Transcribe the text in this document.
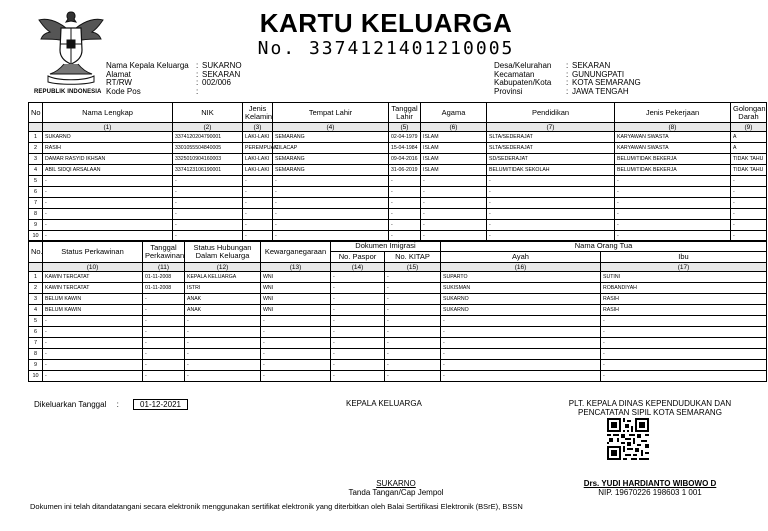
REPUBLIK INDONESIA
KARTU KELUARGA
No. 3374121401210005
Nama Kepala Keluarga : SUKARNO
Alamat	: SEKARAN
RT/RW	: 002/006
Kode Pos	:
Desa/Kelurahan	: SEKARAN
Kecamatan	: GUNUNGPATI
Kabupaten/Kota	: KOTA SEMARANG
Provinsi	: JAWA TENGAH
No	Nama Lengkap	NIK	Jenis Kelamin	Tempat Lahir	Tanggal Lahir	Agama	Pendidikan	Jenis Pekerjaan	Golongan Darah
	(1)	(2)	(3)	(4)	(5)	(6)	(7)	(8)	(9)
1	SUKARNO	3374120204790001	LAKI-LAKI	SEMARANG	02-04-1979	ISLAM	SLTA/SEDERAJAT	KARYAWAN SWASTA	A
2	RASIH	3301055504840005	PEREMPUAN	CILACAP	15-04-1984	ISLAM	SLTA/SEDERAJAT	KARYAWAN SWASTA	A
3	DAMAR RASYID IKHSAN	3325010904160003	LAKI-LAKI	SEMARANG	09-04-2016	ISLAM	SD/SEDERAJAT	BELUM/TIDAK BEKERJA	TIDAK TAHU
4	ABIL SIDQI ARSALAAN	3374123106190001	LAKI-LAKI	SEMARANG	31-06-2019	ISLAM	BELUM/TIDAK SEKOLAH	BELUM/TIDAK BEKERJA	TIDAK TAHU
5	-	-	-	-	-	-	-	-	-
6	-	-	-	-	-	-	-	-	-
7	-	-	-	-	-	-	-	-	-
8	-	-	-	-	-	-	-	-	-
9	-	-	-	-	-	-	-	-	-
10	-	-	-	-	-	-	-	-	-
No.	Status Perkawinan	Tanggal Perkawinan	Status Hubungan Dalam Keluarga	Kewarganegaraan	Dokumen Imigrasi		Nama Orang Tua	
					No. Paspor	No. KITAP	Ayah	Ibu
	(10)	(11)	(12)	(13)	(14)	(15)	(16)	(17)
1	KAWIN TERCATAT	01-11-2008	KEPALA KELUARGA	WNI	-	-	SUPARTO	SUTINI
2	KAWIN TERCATAT	01-11-2008	ISTRI	WNI	-	-	SUKISMAN	ROBANDIYAH
3	BELUM KAWIN	-	ANAK	WNI	-	-	SUKARNO	RASIH
4	BELUM KAWIN	-	ANAK	WNI	-	-	SUKARNO	RASIH
5	-	-	-	-	-	-	-	-
6	-	-	-	-	-	-	-	-
7	-	-	-	-	-	-	-	-
8	-	-	-	-	-	-	-	-
9	-	-	-	-	-	-	-	-
10	-	-	-	-	-	-	-	-
Dikeluarkan Tanggal :	01-12-2021	KEPALA KELUARGA
SUKARNO
Tanda Tangan/Cap Jempol
PLT. KEPALA DINAS KEPENDUDUKAN DAN
PENCATATAN SIPIL KOTA SEMARANG
Drs. YUDI HARDIANTO WIBOWO D
NIP. 19670226 198603 1 001
Dokumen ini telah ditandatangani secara elektronik menggunakan sertifikat elektronik yang diterbitkan oleh Balai Sertifikasi Elektronik (BSrE), BSSN
